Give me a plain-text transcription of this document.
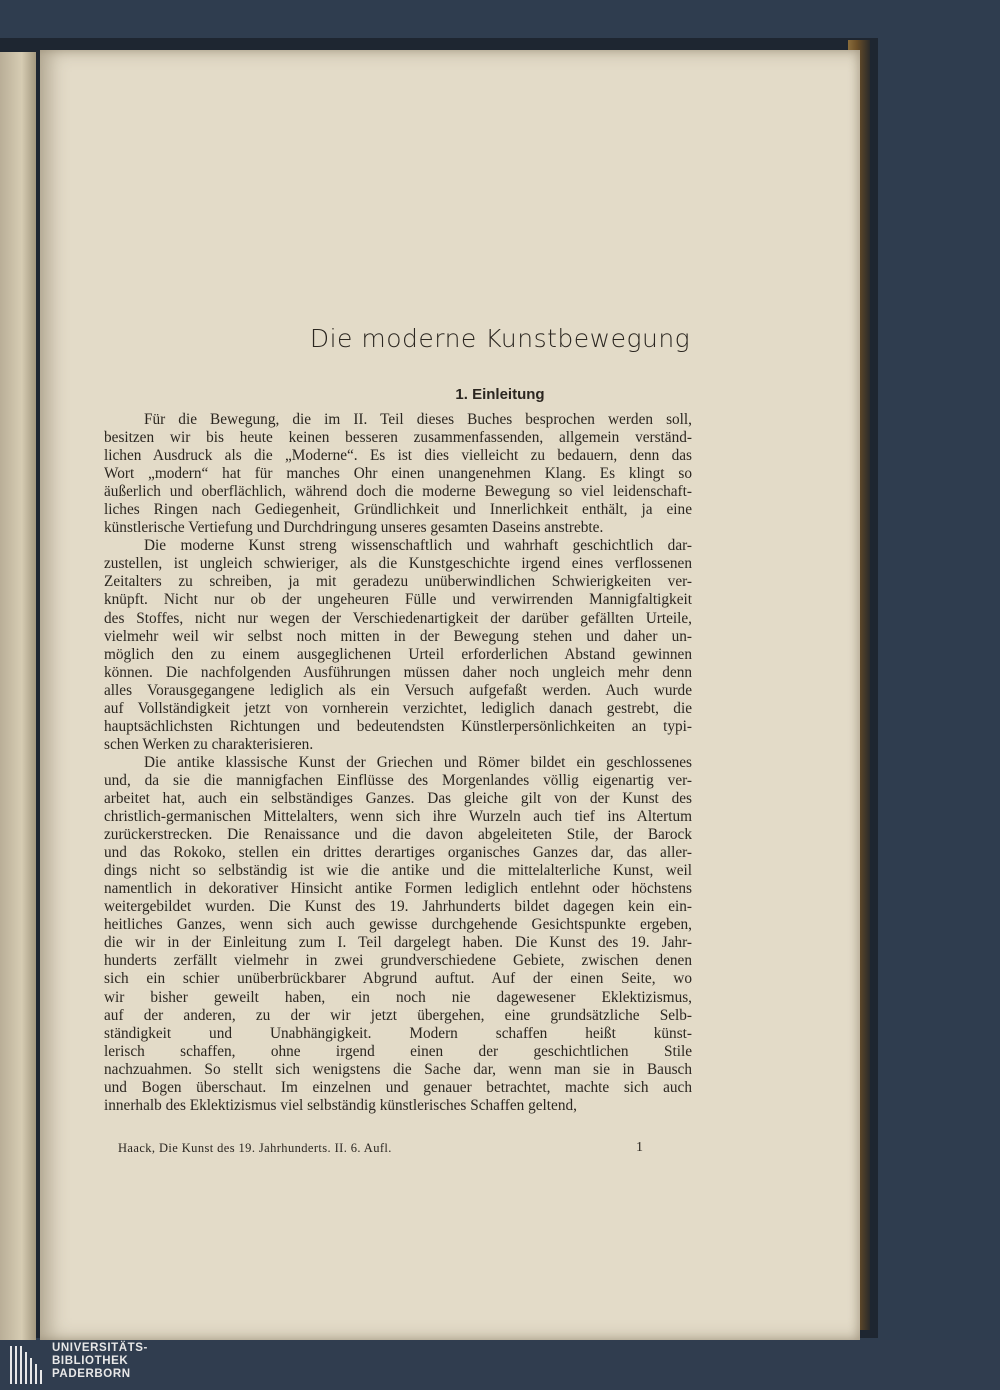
Die moderne Kunstbewegung
1. Einleitung
Für die Bewegung, die im II. Teil dieses Buches besprochen werden soll,
besitzen wir bis heute keinen besseren zusammenfassenden, allgemein verständ-
lichen Ausdruck als die „Moderne“. Es ist dies vielleicht zu bedauern, denn das
Wort „modern“ hat für manches Ohr einen unangenehmen Klang. Es klingt so
äußerlich und oberflächlich, während doch die moderne Bewegung so viel leidenschaft-
liches Ringen nach Gediegenheit, Gründlichkeit und Innerlichkeit enthält, ja eine
künstlerische Vertiefung und Durchdringung unseres gesamten Daseins anstrebte.
Die moderne Kunst streng wissenschaftlich und wahrhaft geschichtlich dar-
zustellen, ist ungleich schwieriger, als die Kunstgeschichte irgend eines verflossenen
Zeitalters zu schreiben, ja mit geradezu unüberwindlichen Schwierigkeiten ver-
knüpft. Nicht nur ob der ungeheuren Fülle und verwirrenden Mannigfaltigkeit
des Stoffes, nicht nur wegen der Verschiedenartigkeit der darüber gefällten Urteile,
vielmehr weil wir selbst noch mitten in der Bewegung stehen und daher un-
möglich den zu einem ausgeglichenen Urteil erforderlichen Abstand gewinnen
können. Die nachfolgenden Ausführungen müssen daher noch ungleich mehr denn
alles Vorausgegangene lediglich als ein Versuch aufgefaßt werden. Auch wurde
auf Vollständigkeit jetzt von vornherein verzichtet, lediglich danach gestrebt, die
hauptsächlichsten Richtungen und bedeutendsten Künstlerpersönlichkeiten an typi-
schen Werken zu charakterisieren.
Die antike klassische Kunst der Griechen und Römer bildet ein geschlossenes
und, da sie die mannigfachen Einflüsse des Morgenlandes völlig eigenartig ver-
arbeitet hat, auch ein selbständiges Ganzes. Das gleiche gilt von der Kunst des
christlich-germanischen Mittelalters, wenn sich ihre Wurzeln auch tief ins Altertum
zurückerstrecken. Die Renaissance und die davon abgeleiteten Stile, der Barock
und das Rokoko, stellen ein drittes derartiges organisches Ganzes dar, das aller-
dings nicht so selbständig ist wie die antike und die mittelalterliche Kunst, weil
namentlich in dekorativer Hinsicht antike Formen lediglich entlehnt oder höchstens
weitergebildet wurden. Die Kunst des 19. Jahrhunderts bildet dagegen kein ein-
heitliches Ganzes, wenn sich auch gewisse durchgehende Gesichtspunkte ergeben,
die wir in der Einleitung zum I. Teil dargelegt haben. Die Kunst des 19. Jahr-
hunderts zerfällt vielmehr in zwei grundverschiedene Gebiete, zwischen denen
sich ein schier unüberbrückbarer Abgrund auftut. Auf der einen Seite, wo
wir bisher geweilt haben, ein noch nie dagewesener Eklektizismus,
auf der anderen, zu der wir jetzt übergehen, eine grundsätzliche Selb-
ständigkeit und Unabhängigkeit. Modern schaffen heißt künst-
lerisch schaffen, ohne irgend einen der geschichtlichen Stile
nachzuahmen. So stellt sich wenigstens die Sache dar, wenn man sie in Bausch
und Bogen überschaut. Im einzelnen und genauer betrachtet, machte sich auch
innerhalb des Eklektizismus viel selbständig künstlerisches Schaffen geltend,
Haack, Die Kunst des 19. Jahrhunderts. II. 6. Aufl.	1
UNIVERSITÄTS-
BIBLIOTHEK
PADERBORN
